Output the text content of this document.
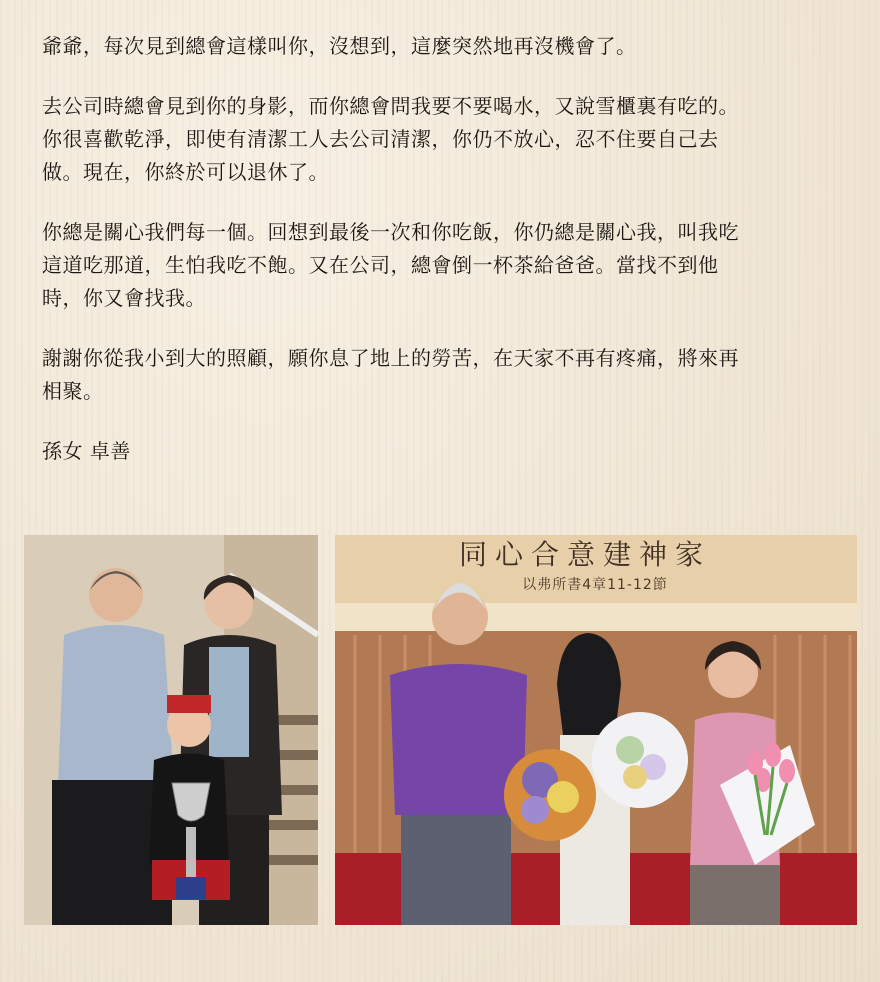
爺爺，每次見到總會這樣叫你，沒想到，這麼突然地再沒機會了。

去公司時總會見到你的身影，而你總會問我要不要喝水，又說雪櫃裏有吃的。
你很喜歡乾淨，即使有清潔工人去公司清潔，你仍不放心，忍不住要自己去
做。現在，你終於可以退休了。

你總是關心我們每一個。回想到最後一次和你吃飯，你仍總是關心我，叫我吃
這道吃那道，生怕我吃不飽。又在公司，總會倒一杯茶給爸爸。當找不到他
時，你又會找我。

謝謝你從我小到大的照顧，願你息了地上的勞苦，在天家不再有疼痛，將來再
相聚。

孫女 卓善
同心合意建神家
以弗所書4章11-12節
